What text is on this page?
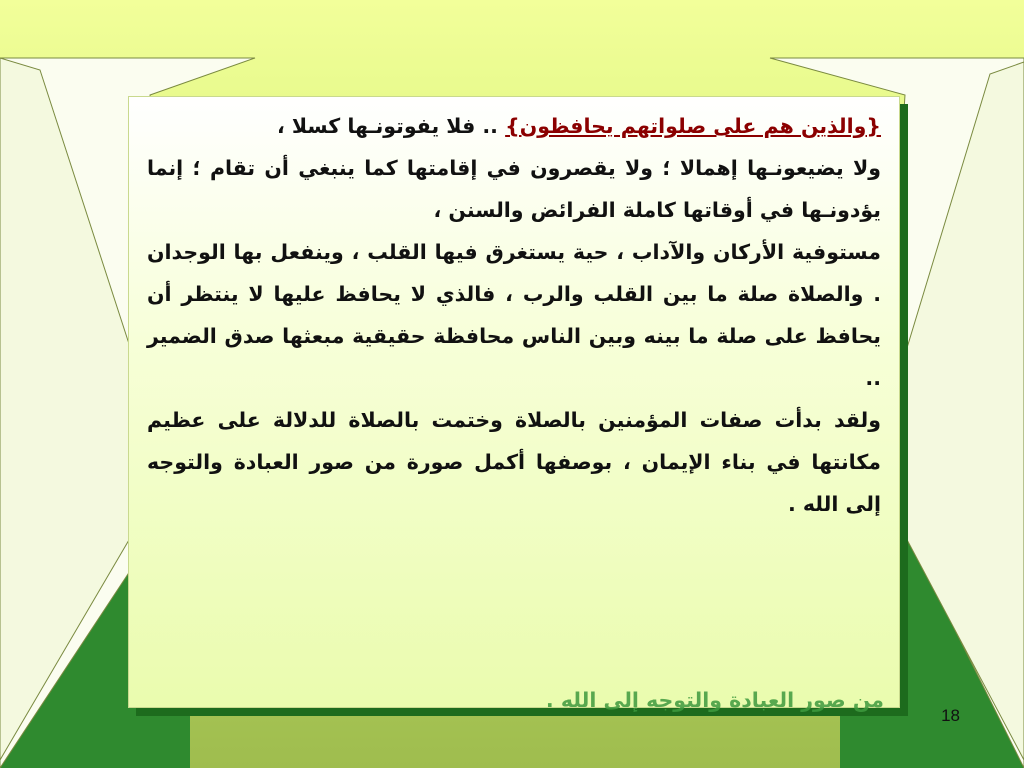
{والذين هم على صلواتهم يحافظون} .. فلا يفوتونـها كسلا ،

ولا يضيعونـها إهمالا ؛ ولا يقصرون في إقامتها كما ينبغي أن تقام ؛ إنما يؤدونـها في أوقاتها كاملة الفرائض والسنن ،

مستوفية الأركان والآداب ، حية يستغرق فيها القلب ، وينفعل بها الوجدان . والصلاة صلة ما بين القلب والرب ، فالذي لا يحافظ عليها لا ينتظر أن يحافظ على صلة ما بينه وبين الناس محافظة حقيقية مبعثها صدق الضمير ..

ولقد بدأت صفات المؤمنين بالصلاة وختمت بالصلاة للدلالة على عظيم مكانتها في بناء الإيمان ، بوصفها أكمل صورة من صور العبادة والتوجه إلى الله .

من صور العبادة والتوجه إلى الله .
18
